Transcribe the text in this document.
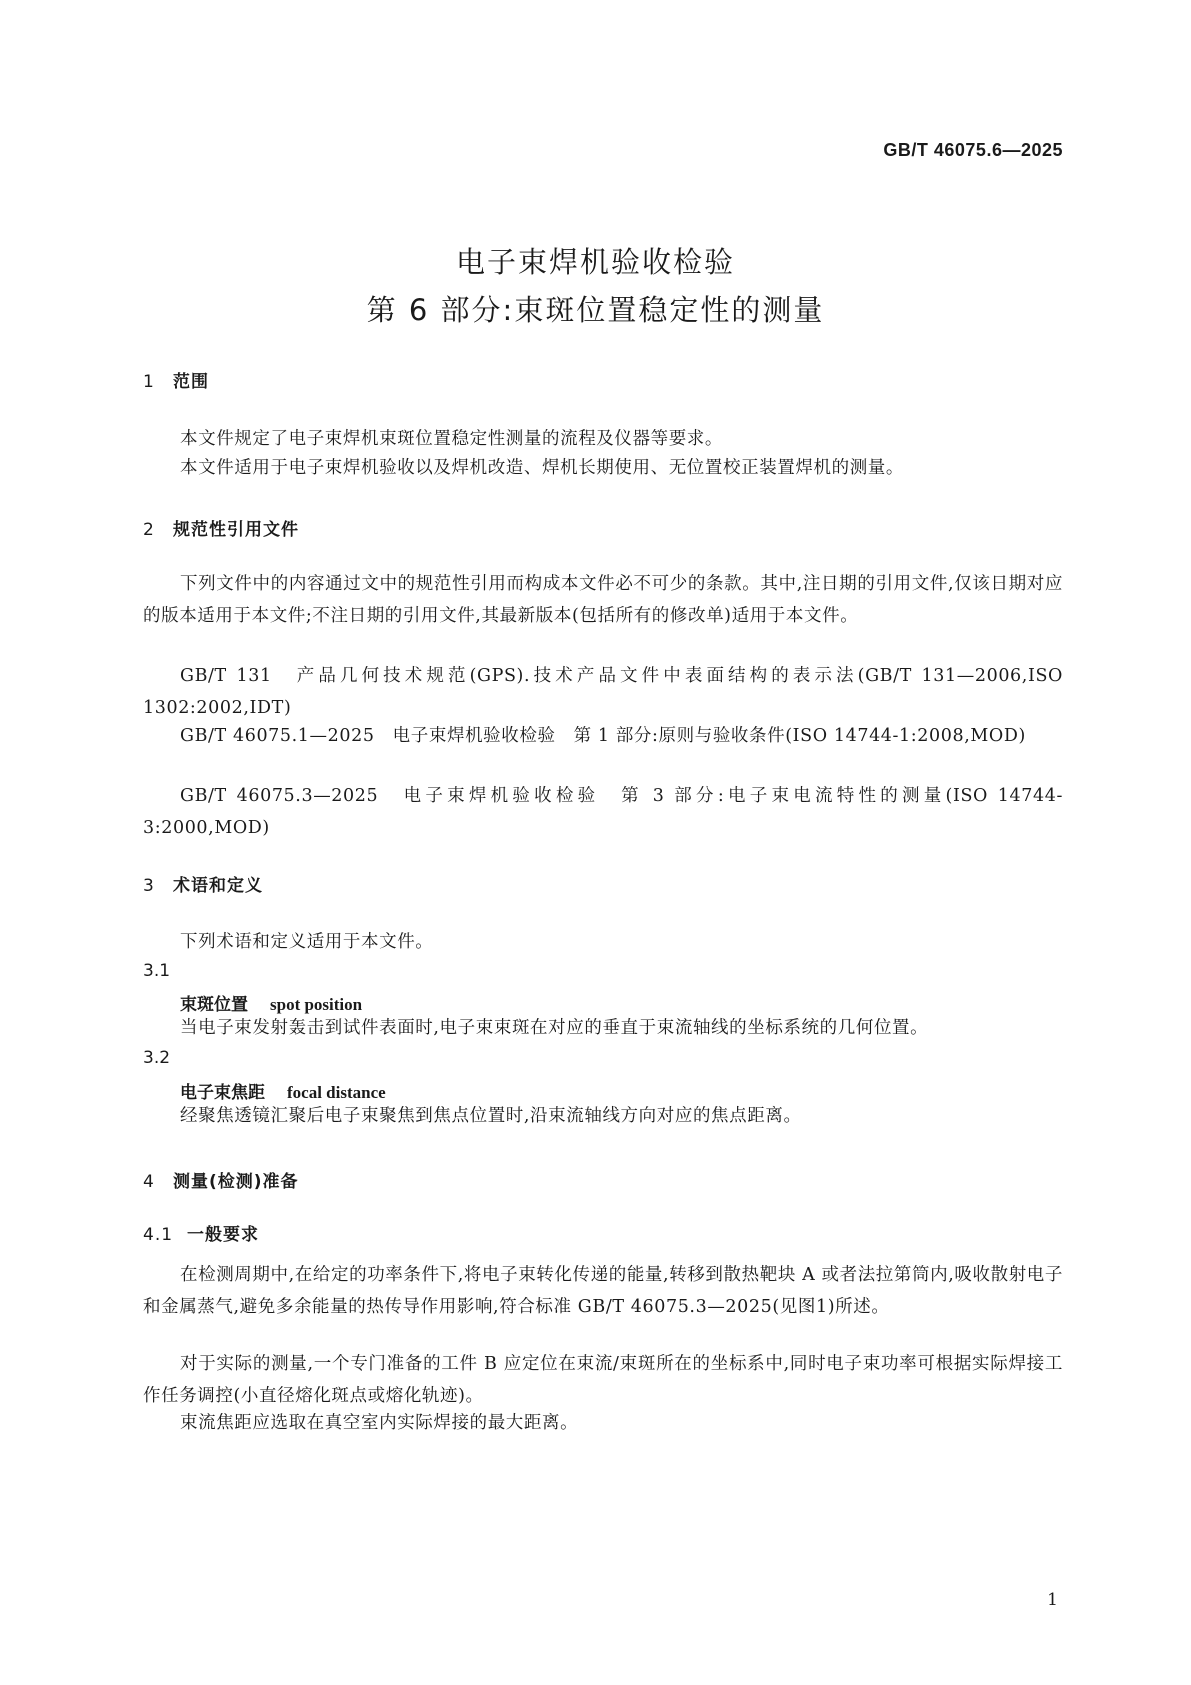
GB/T 46075.6—2025
电子束焊机验收检验
第 6 部分:束斑位置稳定性的测量
1 范围
本文件规定了电子束焊机束斑位置稳定性测量的流程及仪器等要求。
本文件适用于电子束焊机验收以及焊机改造、焊机长期使用、无位置校正装置焊机的测量。
2 规范性引用文件
下列文件中的内容通过文中的规范性引用而构成本文件必不可少的条款。其中,注日期的引用文件,仅该日期对应的版本适用于本文件;不注日期的引用文件,其最新版本(包括所有的修改单)适用于本文件。
GB/T 131　产品几何技术规范(GPS).技术产品文件中表面结构的表示法(GB/T 131—2006,ISO 1302:2002,IDT)
GB/T 46075.1—2025　电子束焊机验收检验　第 1 部分:原则与验收条件(ISO 14744-1:2008,MOD)
GB/T 46075.3—2025　电子束焊机验收检验　第 3 部分:电子束电流特性的测量(ISO 14744-3:2000,MOD)
3 术语和定义
下列术语和定义适用于本文件。
3.1
束斑位置 spot position
当电子束发射轰击到试件表面时,电子束束斑在对应的垂直于束流轴线的坐标系统的几何位置。
3.2
电子束焦距 focal distance
经聚焦透镜汇聚后电子束聚焦到焦点位置时,沿束流轴线方向对应的焦点距离。
4 测量(检测)准备
4.1 一般要求
在检测周期中,在给定的功率条件下,将电子束转化传递的能量,转移到散热靶块 A 或者法拉第筒内,吸收散射电子和金属蒸气,避免多余能量的热传导作用影响,符合标准 GB/T 46075.3—2025(见图1)所述。
对于实际的测量,一个专门准备的工件 B 应定位在束流/束斑所在的坐标系中,同时电子束功率可根据实际焊接工作任务调控(小直径熔化斑点或熔化轨迹)。
束流焦距应选取在真空室内实际焊接的最大距离。
1
